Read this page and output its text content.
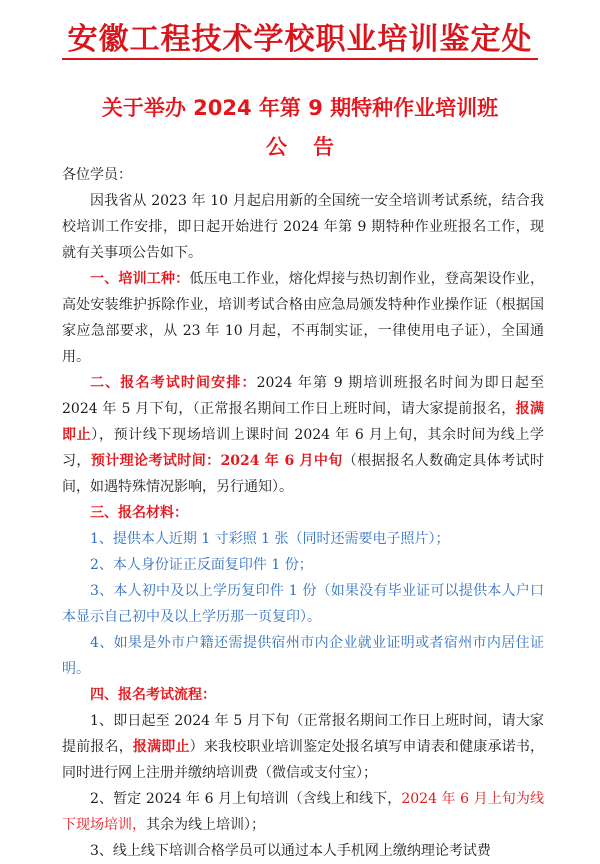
安徽工程技术学校职业培训鉴定处
关于举办 2024 年第 9 期特种作业培训班
公告

各位学员：

因我省从 2023 年 10 月起启用新的全国统一安全培训考试系统，结合我校培训工作安排，即日起开始进行 2024 年第 9 期特种作业班报名工作，现就有关事项公告如下。

一、培训工种：低压电工作业，熔化焊接与热切割作业，登高架设作业，高处安装维护拆除作业，培训考试合格由应急局颁发特种作业操作证（根据国家应急部要求，从 23 年 10 月起，不再制实证，一律使用电子证），全国通用。

二、报名考试时间安排：2024 年第 9 期培训班报名时间为即日起至 2024 年 5 月下旬，（正常报名期间工作日上班时间，请大家提前报名，报满即止），预计线下现场培训上课时间 2024 年 6 月上旬，其余时间为线上学习，预计理论考试时间：2024 年 6 月中旬（根据报名人数确定具体考试时间，如遇特殊情况影响，另行通知）。

三、报名材料：

1、提供本人近期 1 寸彩照 1 张（同时还需要电子照片）；

2、本人身份证正反面复印件 1 份；

3、本人初中及以上学历复印件 1 份（如果没有毕业证可以提供本人户口本显示自己初中及以上学历那一页复印）。

4、如果是外市户籍还需提供宿州市内企业就业证明或者宿州市内居住证明。

四、报名考试流程：

1、即日起至 2024 年 5 月下旬（正常报名期间工作日上班时间，请大家提前报名，报满即止）来我校职业培训鉴定处报名填写申请表和健康承诺书，同时进行网上注册并缴纳培训费（微信或支付宝）；

2、暂定 2024 年 6 月上旬培训（含线上和线下，2024 年 6 月上旬为线下现场培训，其余为线上培训）；

3、线上线下培训合格学员可以通过本人手机网上缴纳理论考试费
